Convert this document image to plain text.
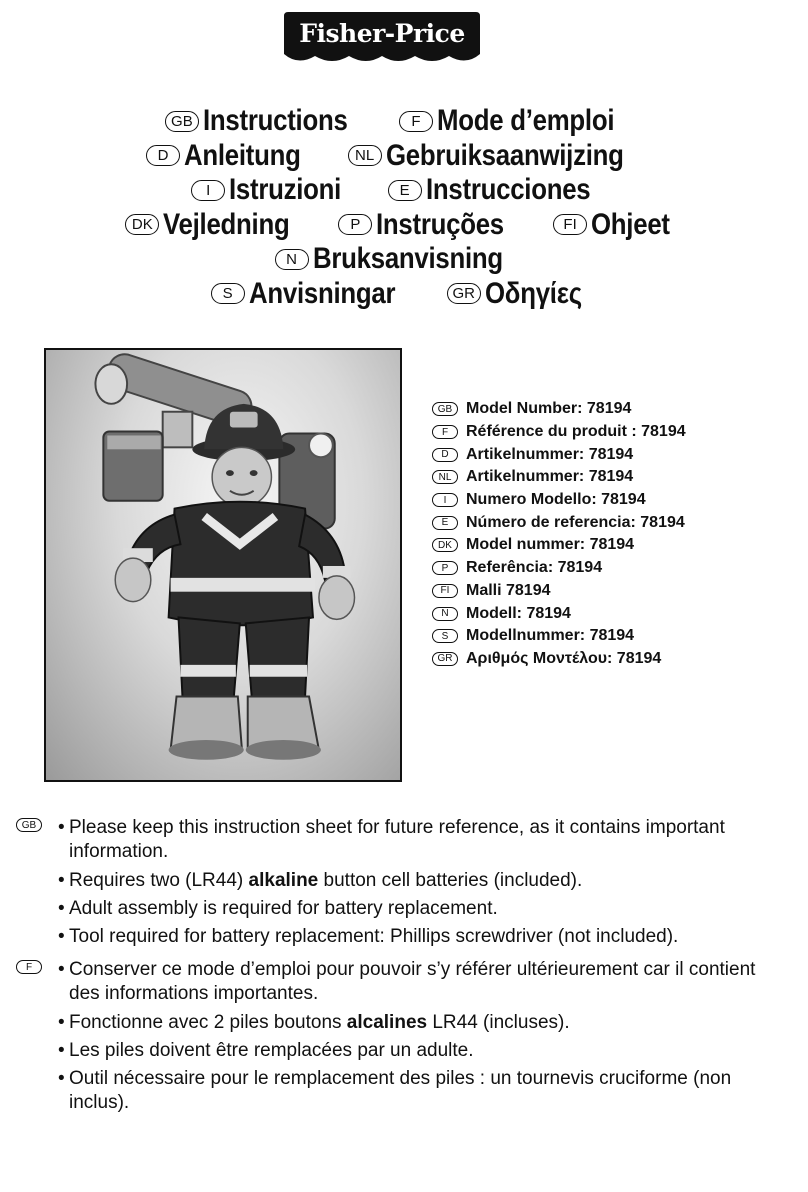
Fisher-Price
GB Instructions	F Mode d’emploi
D Anleitung	NL Gebruiksaanwijzing
I Istruzioni	E Instrucciones
DK Vejledning	P Instruções	FI Ohjeet
N Bruksanvisning
S Anvisningar	GR Οδηγίες
GB Model Number: 78194
F	Référence du produit : 78194
D	Artikelnummer: 78194
NL Artikelnummer: 78194
I	Numero Modello: 78194
E	Número de referencia: 78194
DK Model nummer: 78194
P	Referência: 78194
FI	Malli 78194
N	Modell: 78194
S	Modellnummer: 78194
GR Αριθμός Μοντέλου: 78194
GB	• Please keep this instruction sheet for future reference, as it contains important information.
• Requires two (LR44) alkaline button cell batteries (included).
• Adult assembly is required for battery replacement.
• Tool required for battery replacement: Phillips screwdriver (not included).
F	• Conserver ce mode d’emploi pour pouvoir s’y référer ultérieurement car il contient des informations importantes.
• Fonctionne avec 2 piles boutons alcalines LR44 (incluses).
• Les piles doivent être remplacées par un adulte.
• Outil nécessaire pour le remplacement des piles : un tournevis cruciforme (non inclus).
